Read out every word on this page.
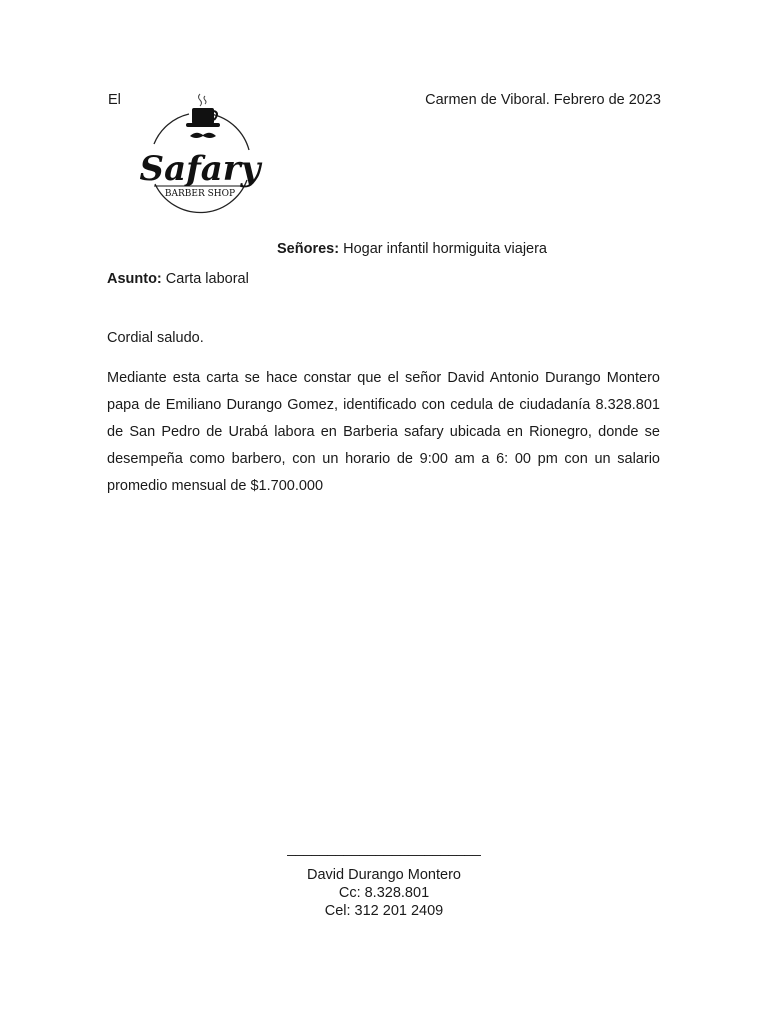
El	Carmen de Viboral. Febrero de 2023
Safary
BARBER SHOP
Señores: Hogar infantil hormiguita viajera
Asunto: Carta laboral
Cordial saludo.
Mediante esta carta se hace constar que el señor David Antonio Durango Montero papa de Emiliano Durango Gomez, identificado con cedula de ciudadanía 8.328.801 de San Pedro de Urabá labora en Barberia safary ubicada en Rionegro, donde se desempeña como barbero, con un horario de 9:00 am a 6: 00 pm con un salario promedio mensual de $1.700.000
________________________
David Durango Montero
Cc: 8.328.801
Cel: 312 201 2409
